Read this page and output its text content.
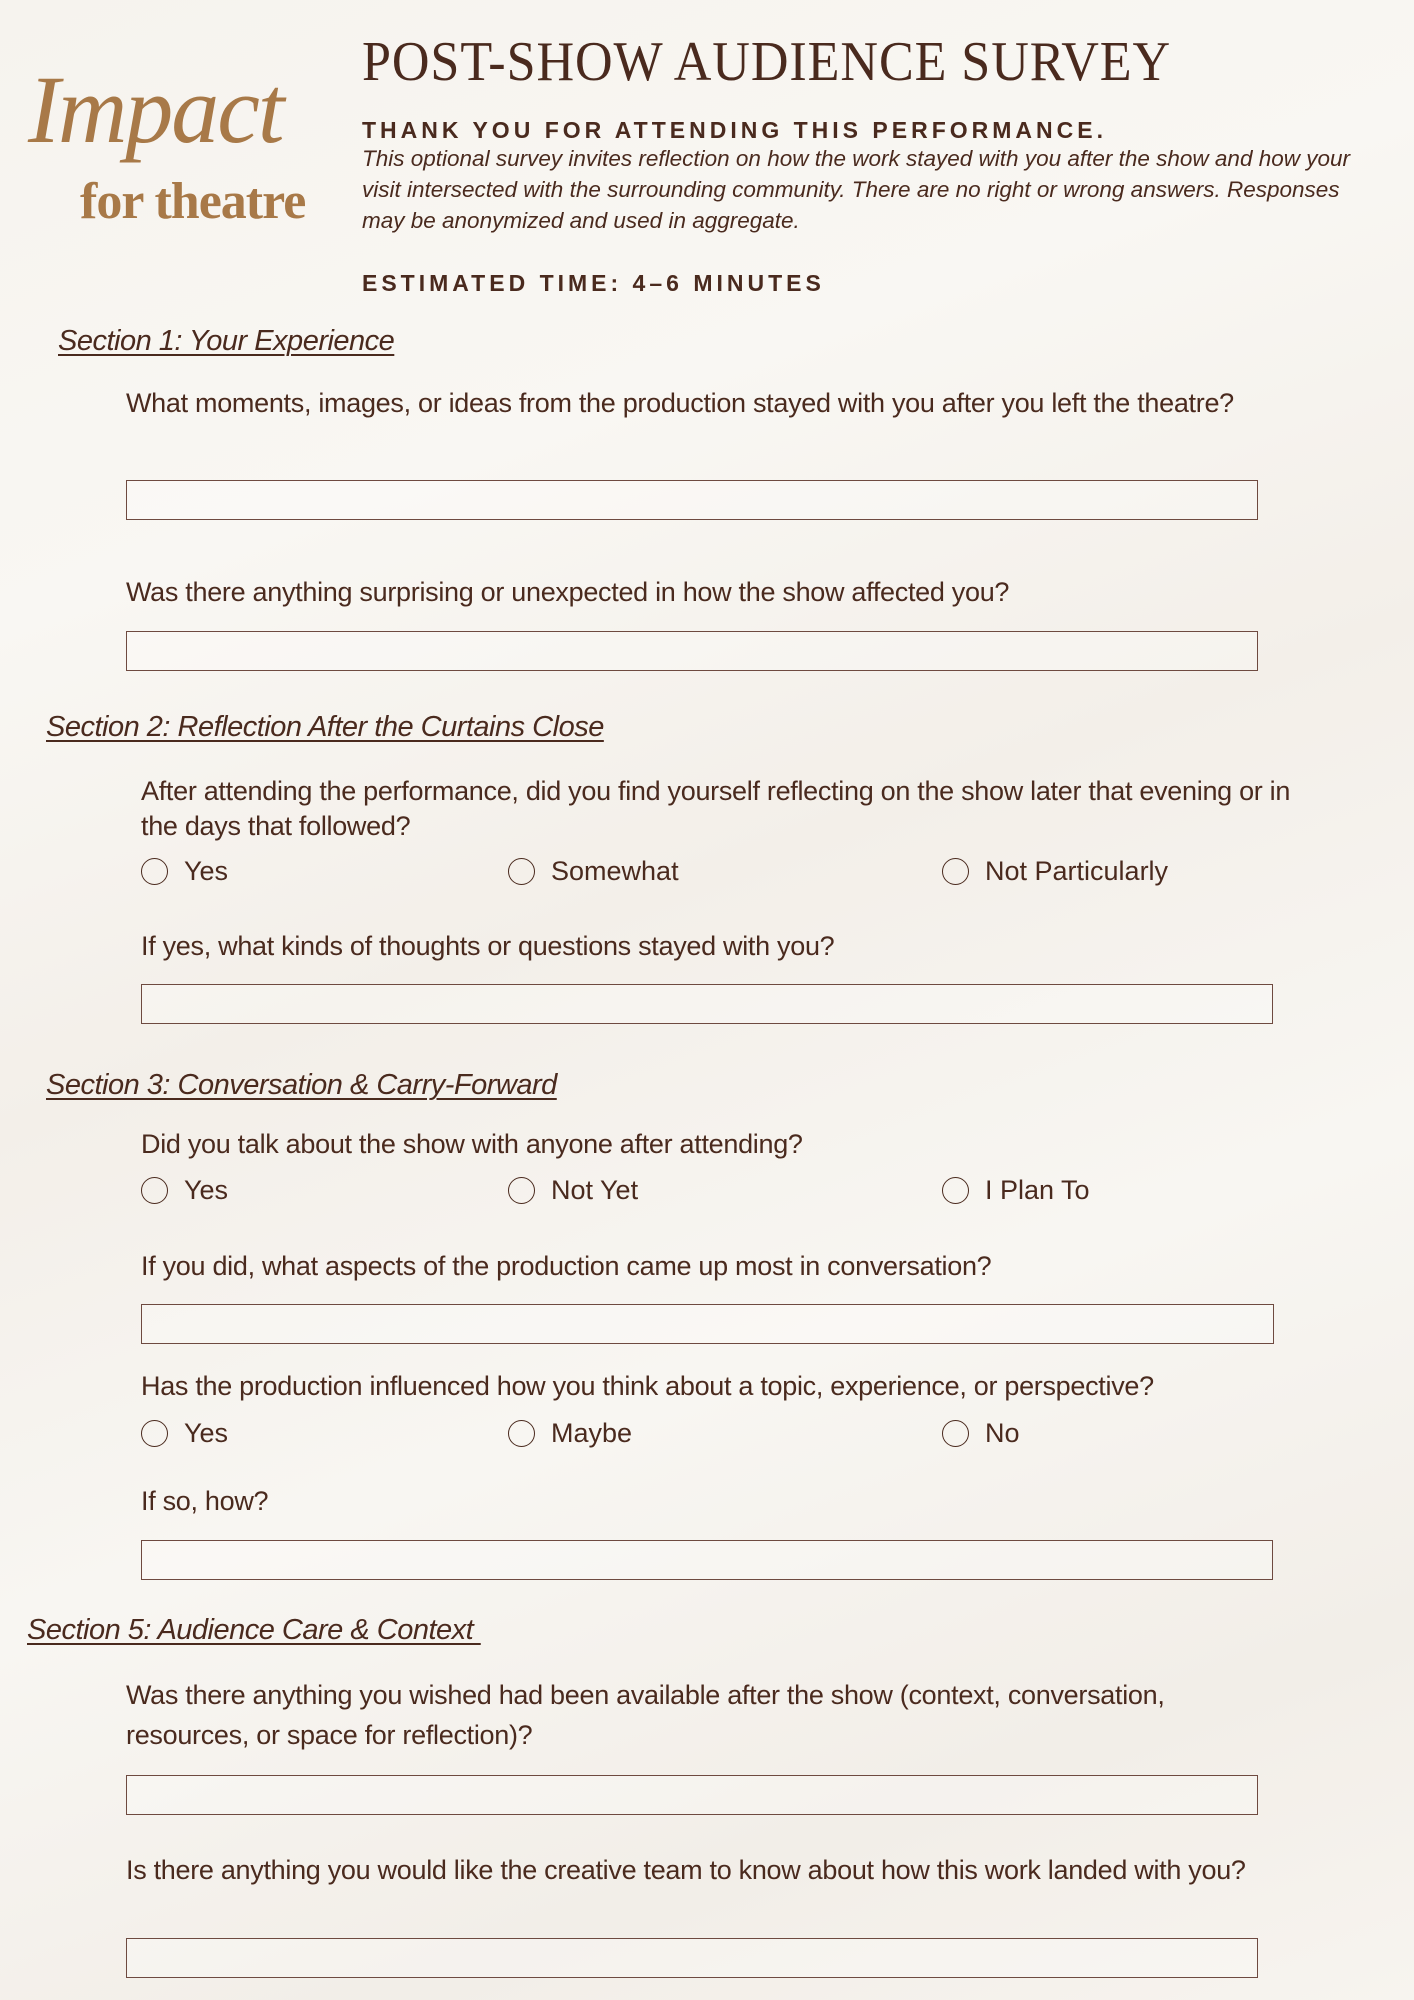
Impact
for theatre
POST-SHOW AUDIENCE SURVEY
THANK YOU FOR ATTENDING THIS PERFORMANCE.
This optional survey invites reflection on how the work stayed with you after the show and how your visit intersected with the surrounding community. There are no right or wrong answers. Responses may be anonymized and used in aggregate.
ESTIMATED TIME: 4–6 MINUTES
Section 1: Your Experience
What moments, images, or ideas from the production stayed with you after you left the theatre?
Was there anything surprising or unexpected in how the show affected you?
Section 2: Reflection After the Curtains Close
After attending the performance, did you find yourself reflecting on the show later that evening or in the days that followed?
Yes	Somewhat	Not Particularly
If yes, what kinds of thoughts or questions stayed with you?
Section 3: Conversation & Carry-Forward
Did you talk about the show with anyone after attending?
Yes	Not Yet	I Plan To
If you did, what aspects of the production came up most in conversation?
Has the production influenced how you think about a topic, experience, or perspective?
Yes	Maybe	No
If so, how?
Section 5: Audience Care & Context
Was there anything you wished had been available after the show (context, conversation, resources, or space for reflection)?
Is there anything you would like the creative team to know about how this work landed with you?
